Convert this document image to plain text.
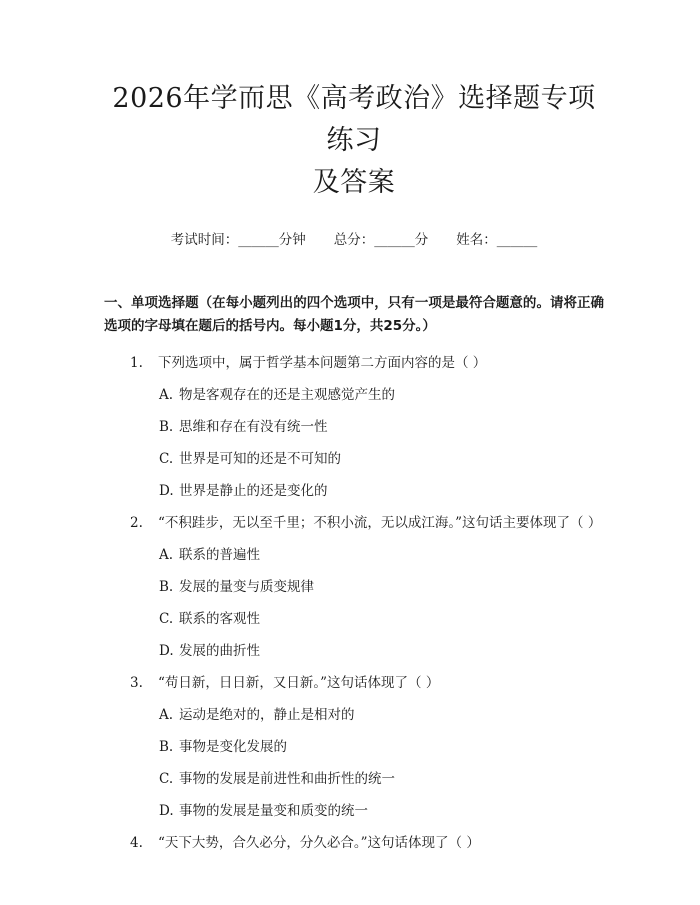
2026年学而思《高考政治》选择题专项练习
及答案
考试时间：______分钟 总分：______分 姓名：______
一、单项选择题（在每小题列出的四个选项中，只有一项是最符合题意的。请将正确选项的字母填在题后的括号内。每小题1分，共25分。）

1. 下列选项中，属于哲学基本问题第二方面内容的是（ ）

A. 物是客观存在的还是主观感觉产生的

B. 思维和存在有没有统一性

C. 世界是可知的还是不可知的

D. 世界是静止的还是变化的

2. “不积跬步，无以至千里；不积小流，无以成江海。”这句话主要体现了（ ）

A. 联系的普遍性

B. 发展的量变与质变规律

C. 联系的客观性

D. 发展的曲折性

3. “苟日新，日日新，又日新。”这句话体现了（ ）

A. 运动是绝对的，静止是相对的

B. 事物是变化发展的

C. 事物的发展是前进性和曲折性的统一

D. 事物的发展是量变和质变的统一

4. “天下大势，合久必分，分久必合。”这句话体现了（ ）
